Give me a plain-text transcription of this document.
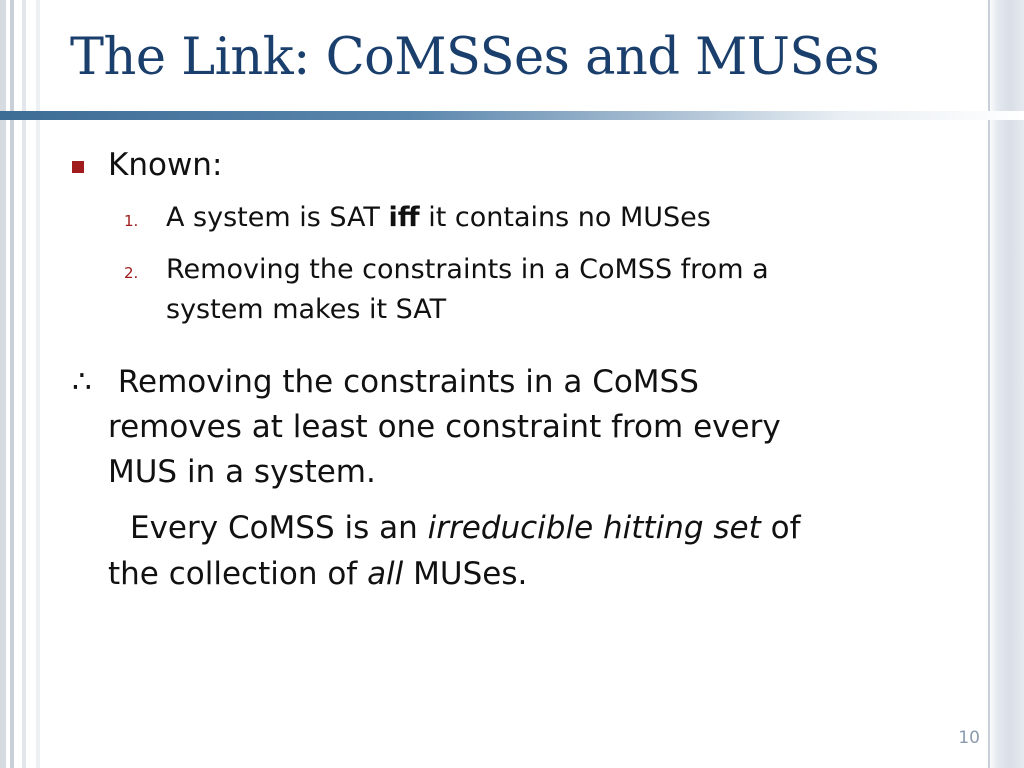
The Link: CoMSSes and MUSes
Known:
1. A system is SAT iff it contains no MUSes
2. Removing the constraints in a CoMSS from a
system makes it SAT
∴ Removing the constraints in a CoMSS
removes at least one constraint from every
MUS in a system.
Every CoMSS is an irreducible hitting set of
the collection of all MUSes.
10
